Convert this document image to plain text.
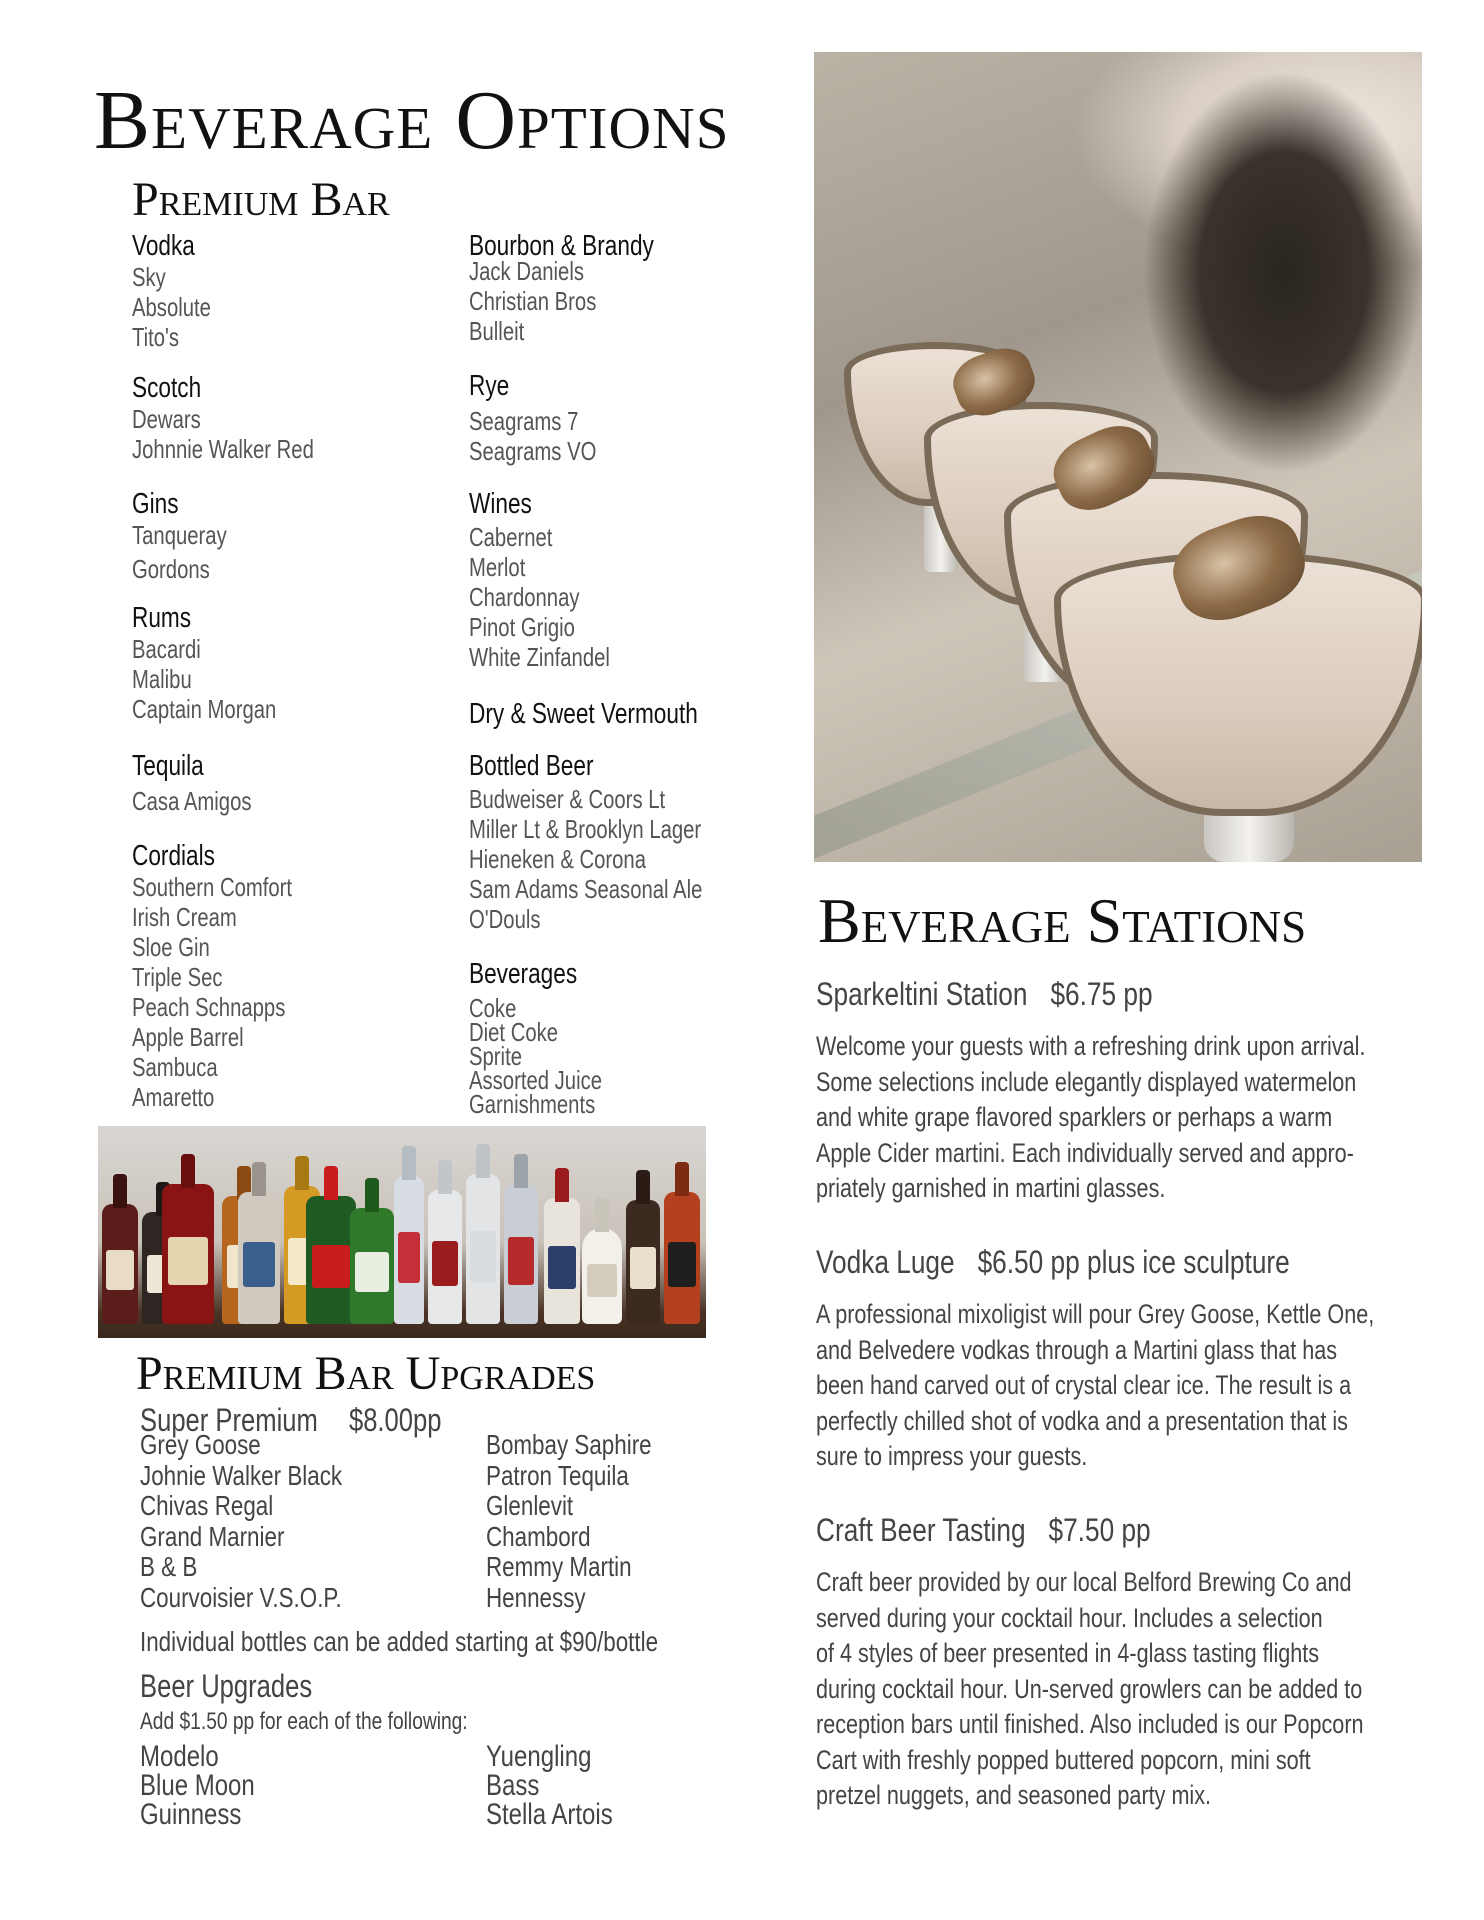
Beverage Options
Premium Bar
Vodka
Sky
Absolute
Tito's
Scotch
Dewars
Johnnie Walker Red
Gins
Tanqueray
Gordons
Rums
Bacardi
Malibu
Captain Morgan
Tequila
Casa Amigos
Cordials
Southern Comfort
Irish Cream
Sloe Gin
Triple Sec
Peach Schnapps
Apple Barrel
Sambuca
Amaretto
Bourbon & Brandy
Jack Daniels
Christian Bros
Bulleit
Rye
Seagrams 7
Seagrams VO
Wines
Cabernet
Merlot
Chardonnay
Pinot Grigio
White Zinfandel
Dry & Sweet Vermouth
Bottled Beer
Budweiser & Coors Lt
Miller Lt & Brooklyn Lager
Hieneken & Corona
Sam Adams Seasonal Ale
O'Douls
Beverages
Coke
Diet Coke
Sprite
Assorted Juice
Garnishments
Premium Bar Upgrades
Super Premium $8.00pp
Grey Goose
Johnie Walker Black
Chivas Regal
Grand Marnier
B & B
Courvoisier V.S.O.P.
Bombay Saphire
Patron Tequila
Glenlevit
Chambord
Remmy Martin
Hennessy
Individual bottles can be added starting at $90/bottle
Beer Upgrades
Add $1.50 pp for each of the following:
Modelo
Blue Moon
Guinness
Yuengling
Bass
Stella Artois
Beverage Stations
Sparkeltini Station $6.75 pp
Welcome your guests with a refreshing drink upon arrival.
Some selections include elegantly displayed watermelon
and white grape flavored sparklers or perhaps a warm
Apple Cider martini. Each individually served and appro-
priately garnished in martini glasses.
Vodka Luge $6.50 pp plus ice sculpture
A professional mixoligist will pour Grey Goose, Kettle One,
and Belvedere vodkas through a Martini glass that has
been hand carved out of crystal clear ice. The result is a
perfectly chilled shot of vodka and a presentation that is
sure to impress your guests.
Craft Beer Tasting $7.50 pp
Craft beer provided by our local Belford Brewing Co and
served during your cocktail hour. Includes a selection
of 4 styles of beer presented in 4-glass tasting flights
during cocktail hour. Un-served growlers can be added to
reception bars until finished. Also included is our Popcorn
Cart with freshly popped buttered popcorn, mini soft
pretzel nuggets, and seasoned party mix.
